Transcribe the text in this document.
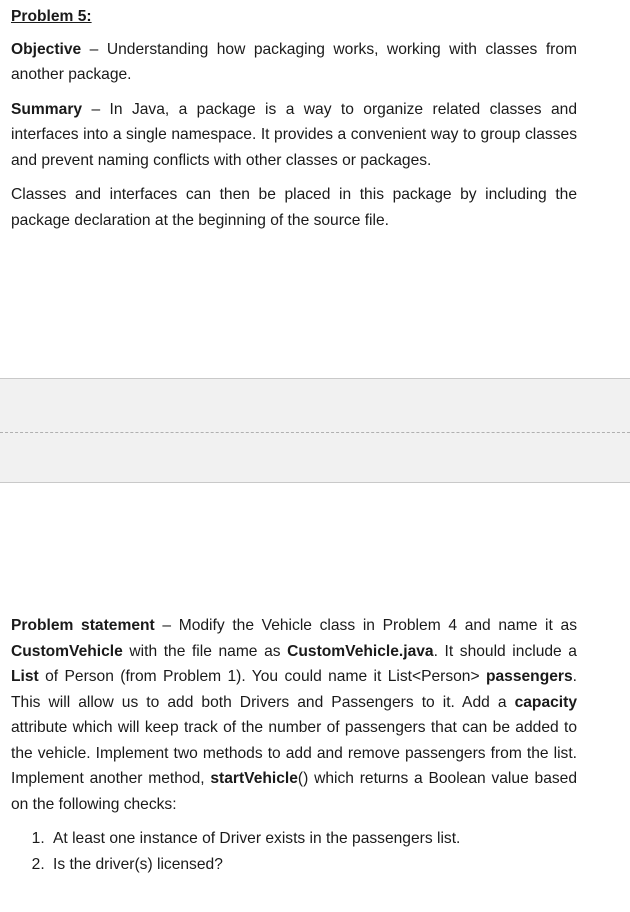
Problem 5:

Objective – Understanding how packaging works, working with classes from another package.

Summary – In Java, a package is a way to organize related classes and interfaces into a single namespace. It provides a convenient way to group classes and prevent naming conflicts with other classes or packages.

Classes and interfaces can then be placed in this package by including the package declaration at the beginning of the source file.

Problem statement – Modify the Vehicle class in Problem 4 and name it as CustomVehicle with the file name as CustomVehicle.java. It should include a List of Person (from Problem 1). You could name it List<Person> passengers. This will allow us to add both Drivers and Passengers to it. Add a capacity attribute which will keep track of the number of passengers that can be added to the vehicle. Implement two methods to add and remove passengers from the list. Implement another method, startVehicle() which returns a Boolean value based on the following checks:

1. At least one instance of Driver exists in the passengers list.
2. Is the driver(s) licensed?
